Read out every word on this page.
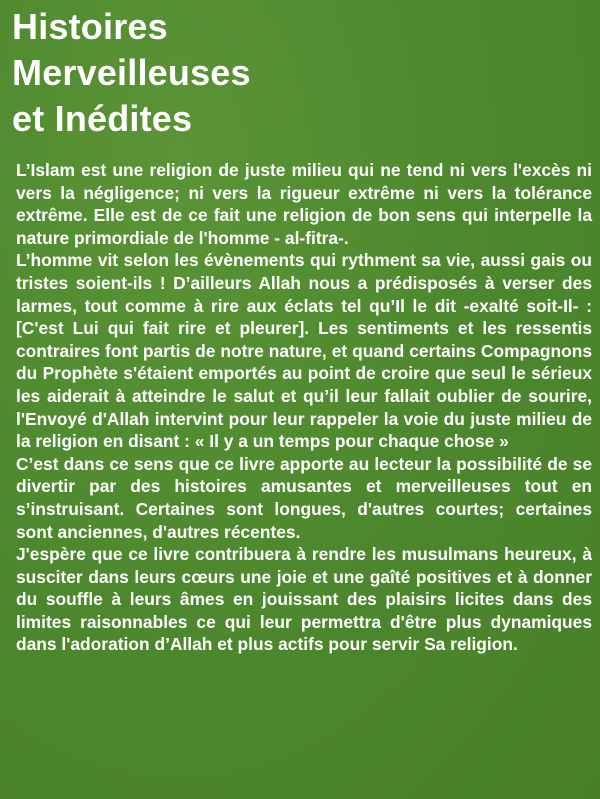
Histoires
Merveilleuses
et Inédites

L’Islam est une religion de juste milieu qui ne tend ni vers l'excès ni vers la négligence; ni vers la rigueur extrême ni vers la tolérance extrême. Elle est de ce fait une religion de bon sens qui interpelle la nature primordiale de l'homme - al-fitra-.

L’homme vit selon les évènements qui rythment sa vie, aussi gais ou tristes soient-ils ! D’ailleurs Allah nous a prédisposés à verser des larmes, tout comme à rire aux éclats tel qu’Il le dit -exalté soit-Il- : [C'est Lui qui fait rire et pleurer]. Les sentiments et les ressentis contraires font partis de notre nature, et quand certains Compagnons du Prophète s'étaient emportés au point de croire que seul le sérieux les aiderait à atteindre le salut et qu’il leur fallait oublier de sourire, l'Envoyé d'Allah intervint pour leur rappeler la voie du juste milieu de la religion en disant : « Il y a un temps pour chaque chose »

C’est dans ce sens que ce livre apporte au lecteur la possibilité de se divertir par des histoires amusantes et merveilleuses tout en s’instruisant. Certaines sont longues, d'autres courtes; certaines sont anciennes, d'autres récentes.

J'espère que ce livre contribuera à rendre les musulmans heureux, à susciter dans leurs cœurs une joie et une gaîté positives et à donner du souffle à leurs âmes en jouissant des plaisirs licites dans des limites raisonnables ce qui leur permettra d'être plus dynamiques dans l'adoration d’Allah et plus actifs pour servir Sa religion.
